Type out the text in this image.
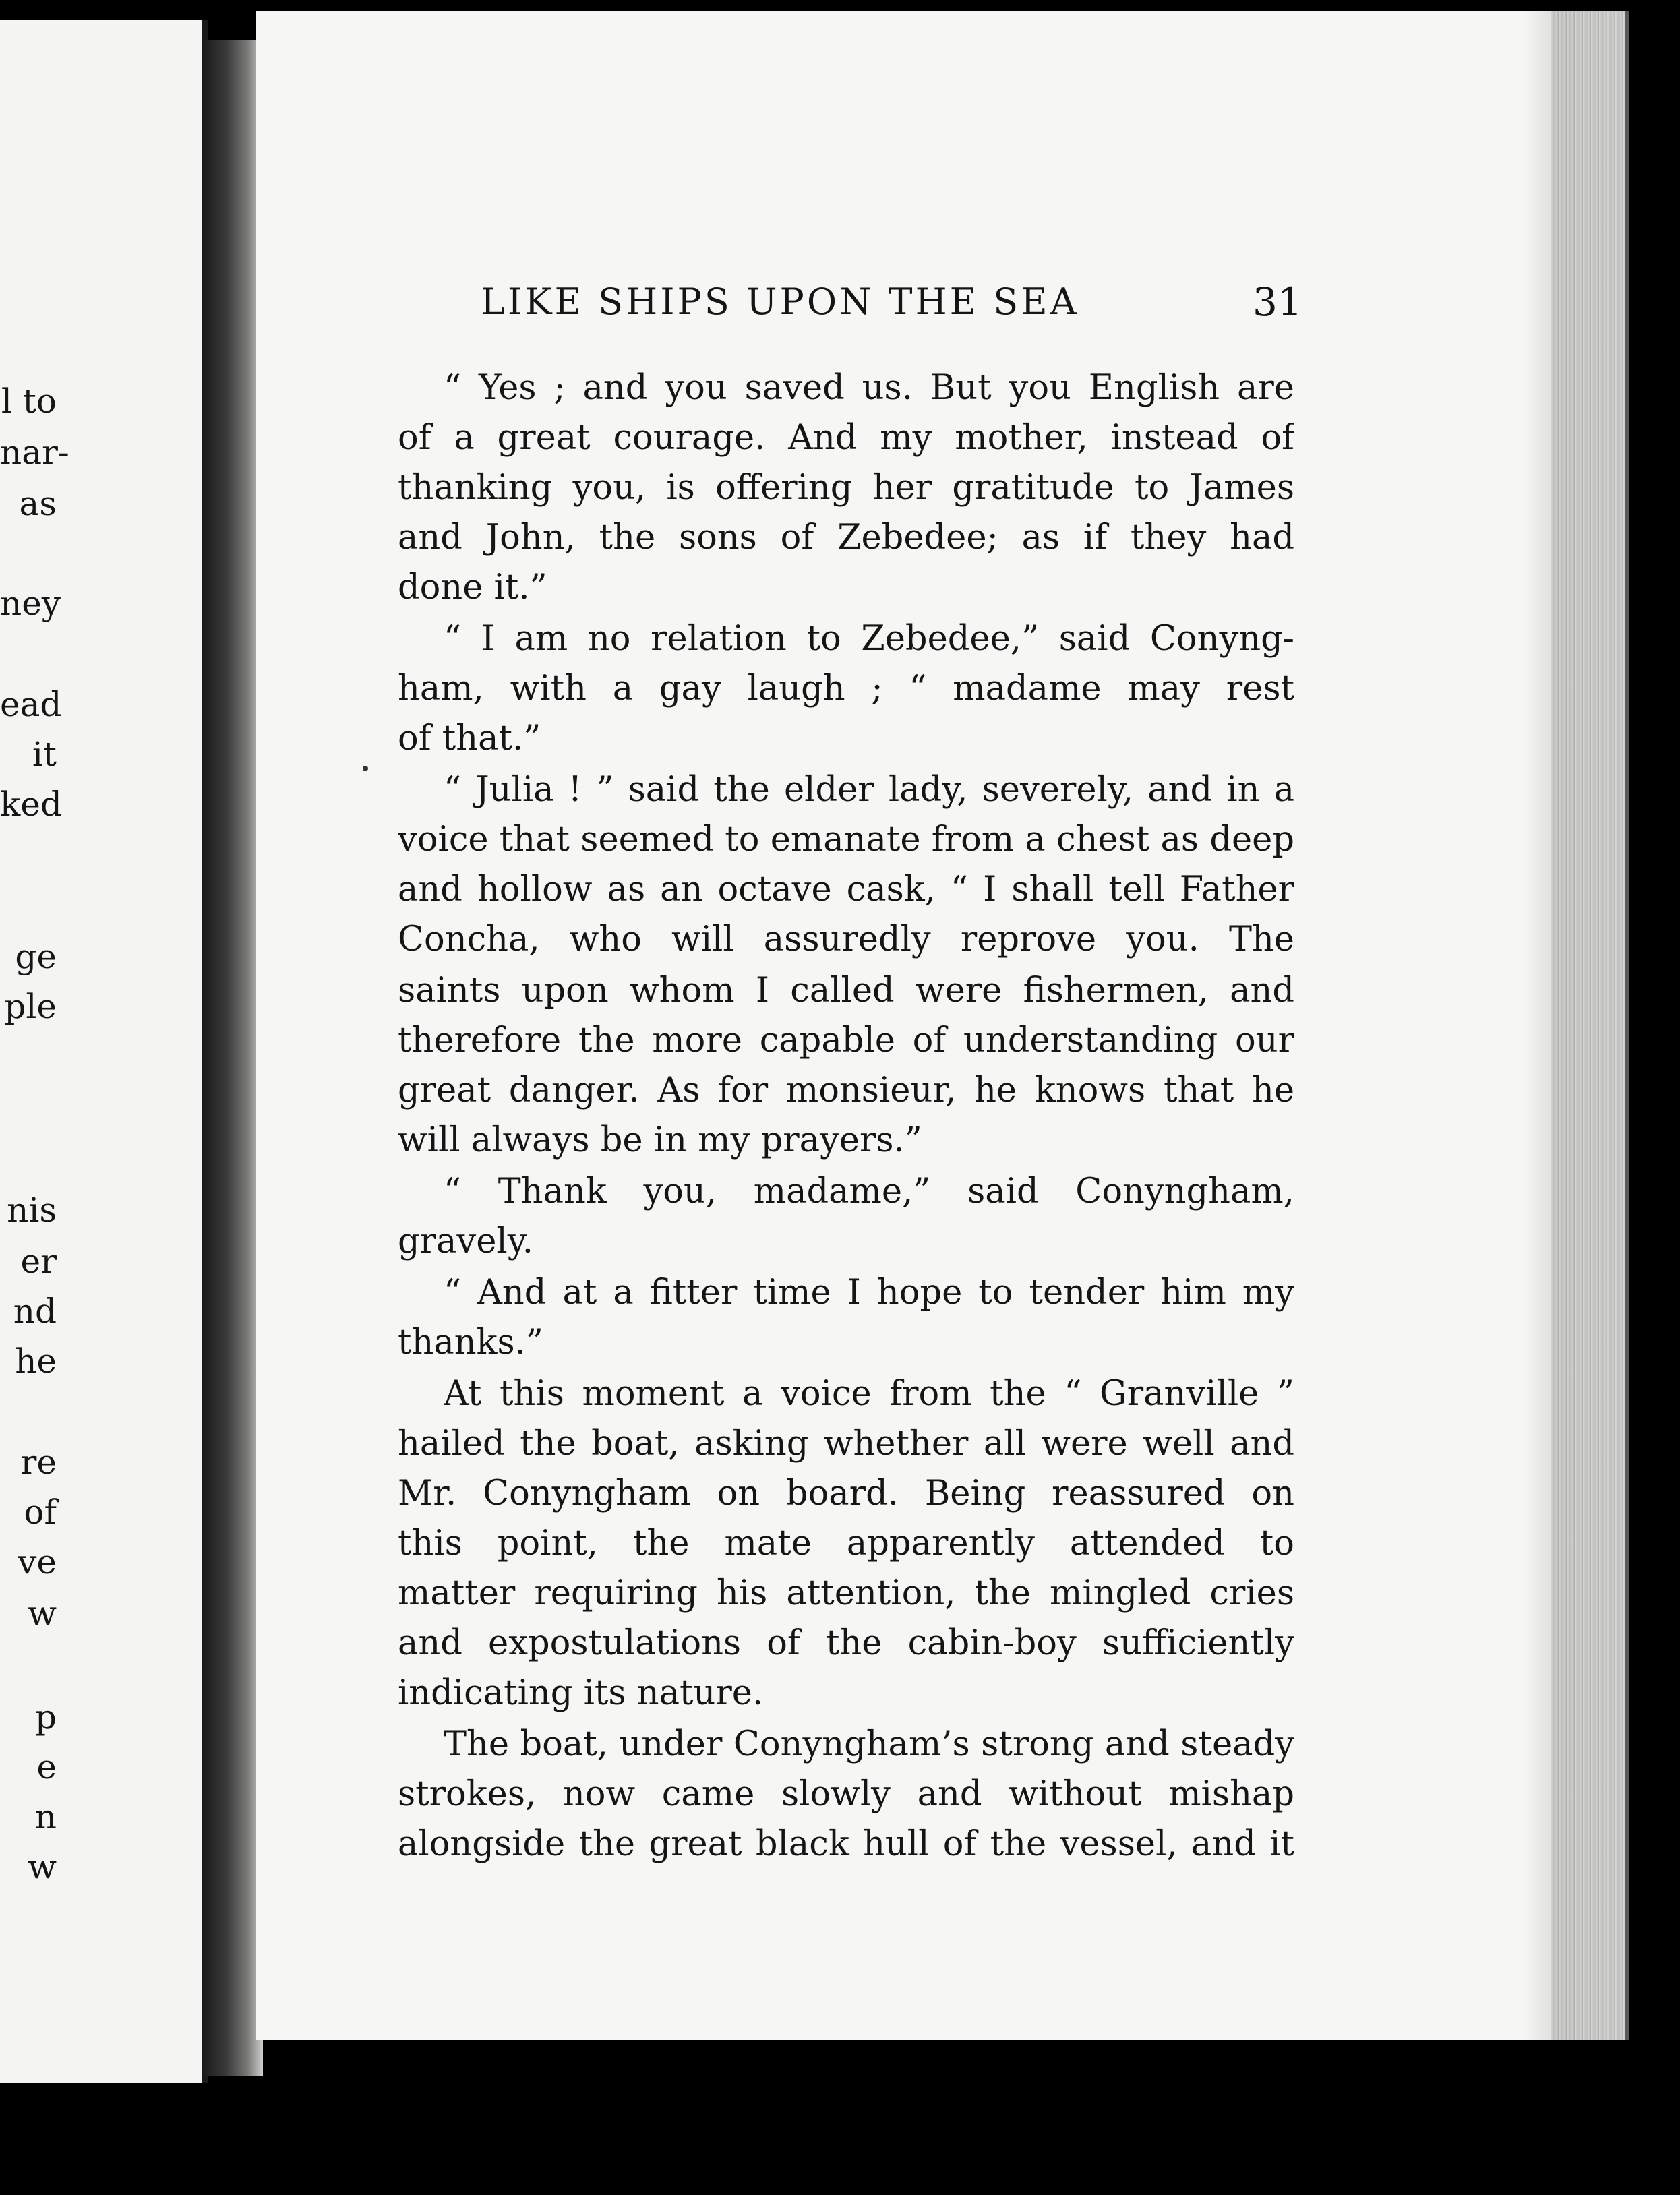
l to

nar-

as

ney

ead

it

ked

ge

ple

nis

er

nd

he

re

of

ve

w

p

e

n

w

LIKE SHIPS UPON THE SEA	31

“ Yes ; and you saved us. But you English are

of a great courage. And my mother, instead of

thanking you, is offering her gratitude to James

and John, the sons of Zebedee; as if they had

done it.”

“ I am no relation to Zebedee,” said Conyng-

ham, with a gay laugh ; “ madame may rest

of that.”

“ Julia ! ” said the elder lady, severely, and in a

voice that seemed to emanate from a chest as deep

and hollow as an octave cask, “ I shall tell Father

Concha, who will assuredly reprove you. The

saints upon whom I called were fishermen, and

therefore the more capable of understanding our

great danger. As for monsieur, he knows that he

will always be in my prayers.”

“ Thank you, madame,” said Conyngham,

gravely.

“ And at a fitter time I hope to tender him my

thanks.”

At this moment a voice from the “ Granville ”

hailed the boat, asking whether all were well and

Mr. Conyngham on board. Being reassured on

this point, the mate apparently attended to

matter requiring his attention, the mingled cries

and expostulations of the cabin-boy sufficiently

indicating its nature.

The boat, under Conyngham’s strong and steady

strokes, now came slowly and without mishap

alongside the great black hull of the vessel, and it
